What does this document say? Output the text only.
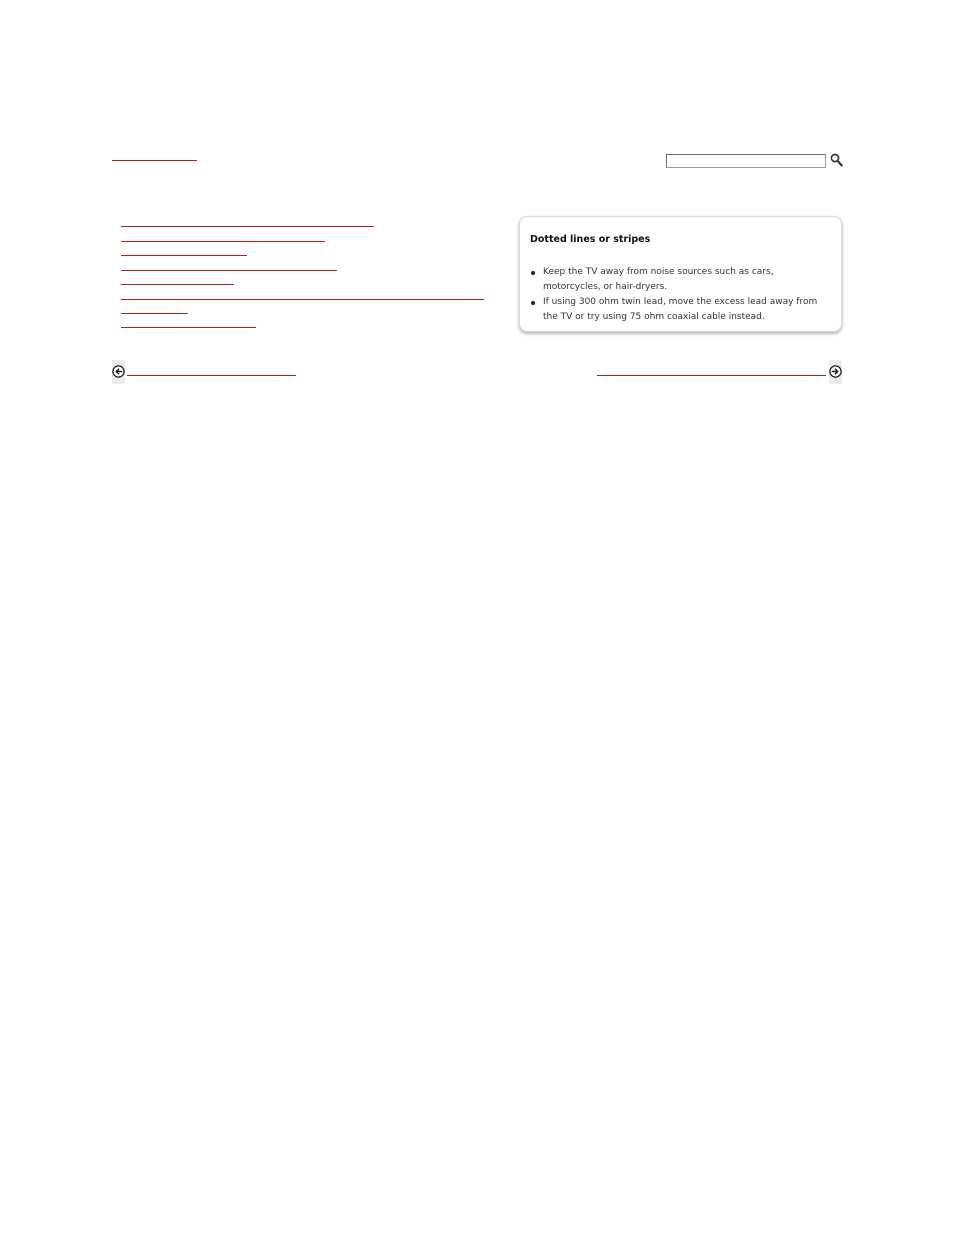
Dotted lines or stripes
Keep the TV away from noise sources such as cars, motorcycles, or hair-dryers.
If using 300 ohm twin lead, move the excess lead away from the TV or try using 75 ohm coaxial cable instead.
